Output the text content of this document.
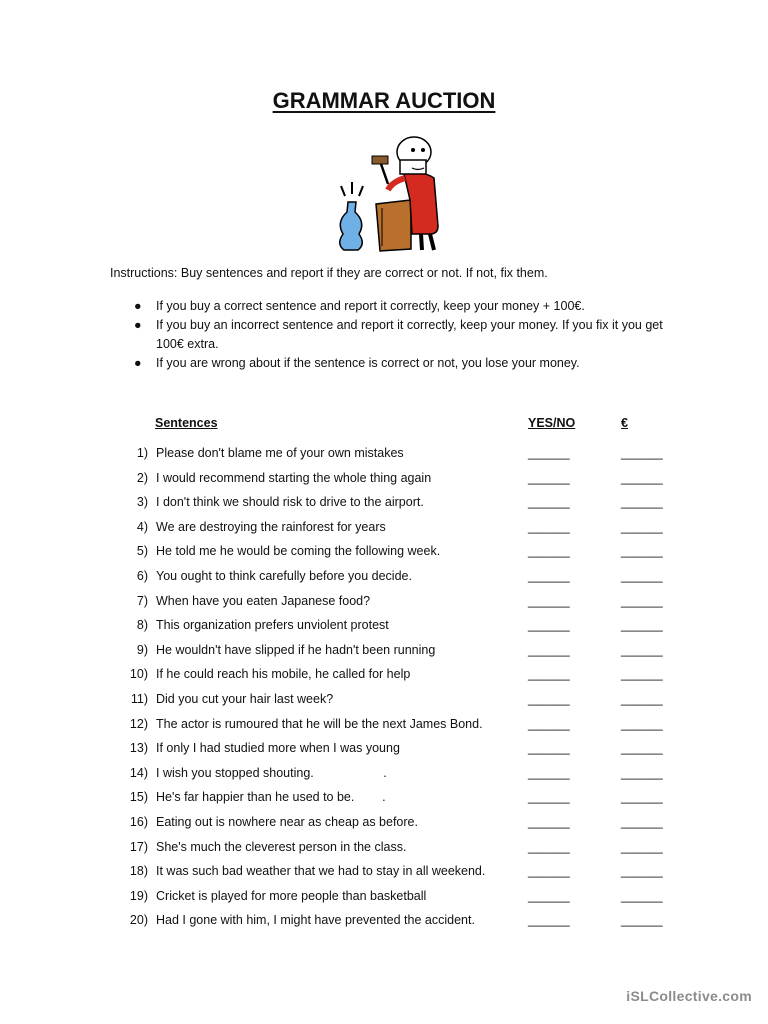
GRAMMAR AUCTION

Instructions: Buy sentences and report if they are correct or not. If not, fix them.

● If you buy a correct sentence and report it correctly, keep your money + 100€.
● If you buy an incorrect sentence and report it correctly, keep your money. If you fix it you get 100€ extra.
● If you are wrong about if the sentence is correct or not, you lose your money.
Sentences	YES/NO	€
1) Please don't blame me of your own mistakes	______	______
2) I would recommend starting the whole thing again	______	______
3) I don't think we should risk to drive to the airport.	______	______
4) We are destroying the rainforest for years	______	______
5) He told me he would be coming the following week.	______	______
6) You ought to think carefully before you decide.	______	______
7) When have you eaten Japanese food?	______	______
8) This organization prefers unviolent protest	______	______
9) He wouldn't have slipped if he hadn't been running	______	______
10) If he could reach his mobile, he called for help	______	______
11) Did you cut your hair last week?	______	______
12) The actor is rumoured that he will be the next James Bond.	______	______
13) If only I had studied more when I was young	______	______
14) I wish you stopped shouting.                    .	______	______
15) He's far happier than he used to be.        .	______	______
16) Eating out is nowhere near as cheap as before.	______	______
17) She's much the cleverest person in the class.	______	______
18) It was such bad weather that we had to stay in all weekend.	______	______
19) Cricket is played for more people than basketball	______	______
20) Had I gone with him, I might have prevented the accident.	______	______
iSLCollective.com
